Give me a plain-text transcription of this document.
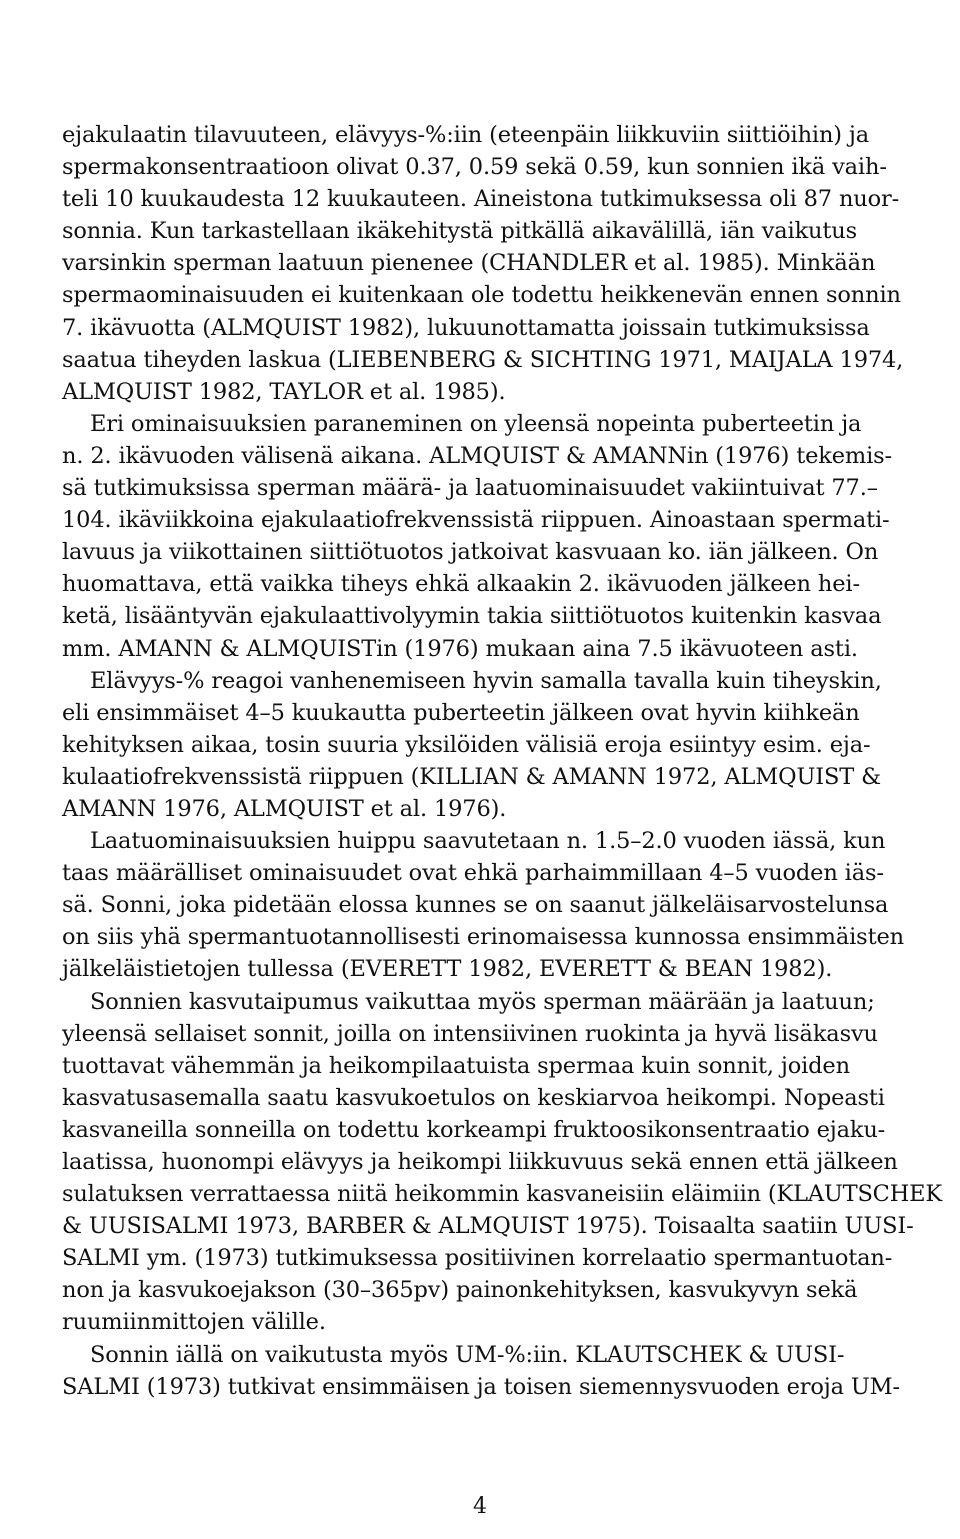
ejakulaatin tilavuuteen, elävyys-%:iin (eteenpäin liikkuviin siittiöihin) ja
spermakonsentraatioon olivat 0.37, 0.59 sekä 0.59, kun sonnien ikä vaih-
teli 10 kuukaudesta 12 kuukauteen. Aineistona tutkimuksessa oli 87 nuor-
sonnia. Kun tarkastellaan ikäkehitystä pitkällä aikavälillä, iän vaikutus
varsinkin sperman laatuun pienenee (CHANDLER et al. 1985). Minkään
spermaominaisuuden ei kuitenkaan ole todettu heikkenevän ennen sonnin
7. ikävuotta (ALMQUIST 1982), lukuunottamatta joissain tutkimuksissa
saatua tiheyden laskua (LIEBENBERG & SICHTING 1971, MAIJALA 1974,
ALMQUIST 1982, TAYLOR et al. 1985).
Eri ominaisuuksien paraneminen on yleensä nopeinta puberteetin ja
n. 2. ikävuoden välisenä aikana. ALMQUIST & AMANNin (1976) tekemis-
sä tutkimuksissa sperman määrä- ja laatuominaisuudet vakiintuivat 77.–
104. ikäviikkoina ejakulaatiofrekvenssistä riippuen. Ainoastaan spermati-
lavuus ja viikottainen siittiötuotos jatkoivat kasvuaan ko. iän jälkeen. On
huomattava, että vaikka tiheys ehkä alkaakin 2. ikävuoden jälkeen hei-
ketä, lisääntyvän ejakulaattivolyymin takia siittiötuotos kuitenkin kasvaa
mm. AMANN & ALMQUISTin (1976) mukaan aina 7.5 ikävuoteen asti.
Elävyys-% reagoi vanhenemiseen hyvin samalla tavalla kuin tiheyskin,
eli ensimmäiset 4–5 kuukautta puberteetin jälkeen ovat hyvin kiihkeän
kehityksen aikaa, tosin suuria yksilöiden välisiä eroja esiintyy esim. eja-
kulaatiofrekvenssistä riippuen (KILLIAN & AMANN 1972, ALMQUIST &
AMANN 1976, ALMQUIST et al. 1976).
Laatuominaisuuksien huippu saavutetaan n. 1.5–2.0 vuoden iässä, kun
taas määrälliset ominaisuudet ovat ehkä parhaimmillaan 4–5 vuoden iäs-
sä. Sonni, joka pidetään elossa kunnes se on saanut jälkeläisarvostelunsa
on siis yhä spermantuotannollisesti erinomaisessa kunnossa ensimmäisten
jälkeläistietojen tullessa (EVERETT 1982, EVERETT & BEAN 1982).
Sonnien kasvutaipumus vaikuttaa myös sperman määrään ja laatuun;
yleensä sellaiset sonnit, joilla on intensiivinen ruokinta ja hyvä lisäkasvu
tuottavat vähemmän ja heikompilaatuista spermaa kuin sonnit, joiden
kasvatusasemalla saatu kasvukoetulos on keskiarvoa heikompi. Nopeasti
kasvaneilla sonneilla on todettu korkeampi fruktoosikonsentraatio ejaku-
laatissa, huonompi elävyys ja heikompi liikkuvuus sekä ennen että jälkeen
sulatuksen verrattaessa niitä heikommin kasvaneisiin eläimiin (KLAUTSCHEK
& UUSISALMI 1973, BARBER & ALMQUIST 1975). Toisaalta saatiin UUSI-
SALMI ym. (1973) tutkimuksessa positiivinen korrelaatio spermantuotan-
non ja kasvukoejakson (30–365pv) painonkehityksen, kasvukyvyn sekä
ruumiinmittojen välille.
Sonnin iällä on vaikutusta myös UM-%:iin. KLAUTSCHEK & UUSI-
SALMI (1973) tutkivat ensimmäisen ja toisen siemennysvuoden eroja UM-
4
